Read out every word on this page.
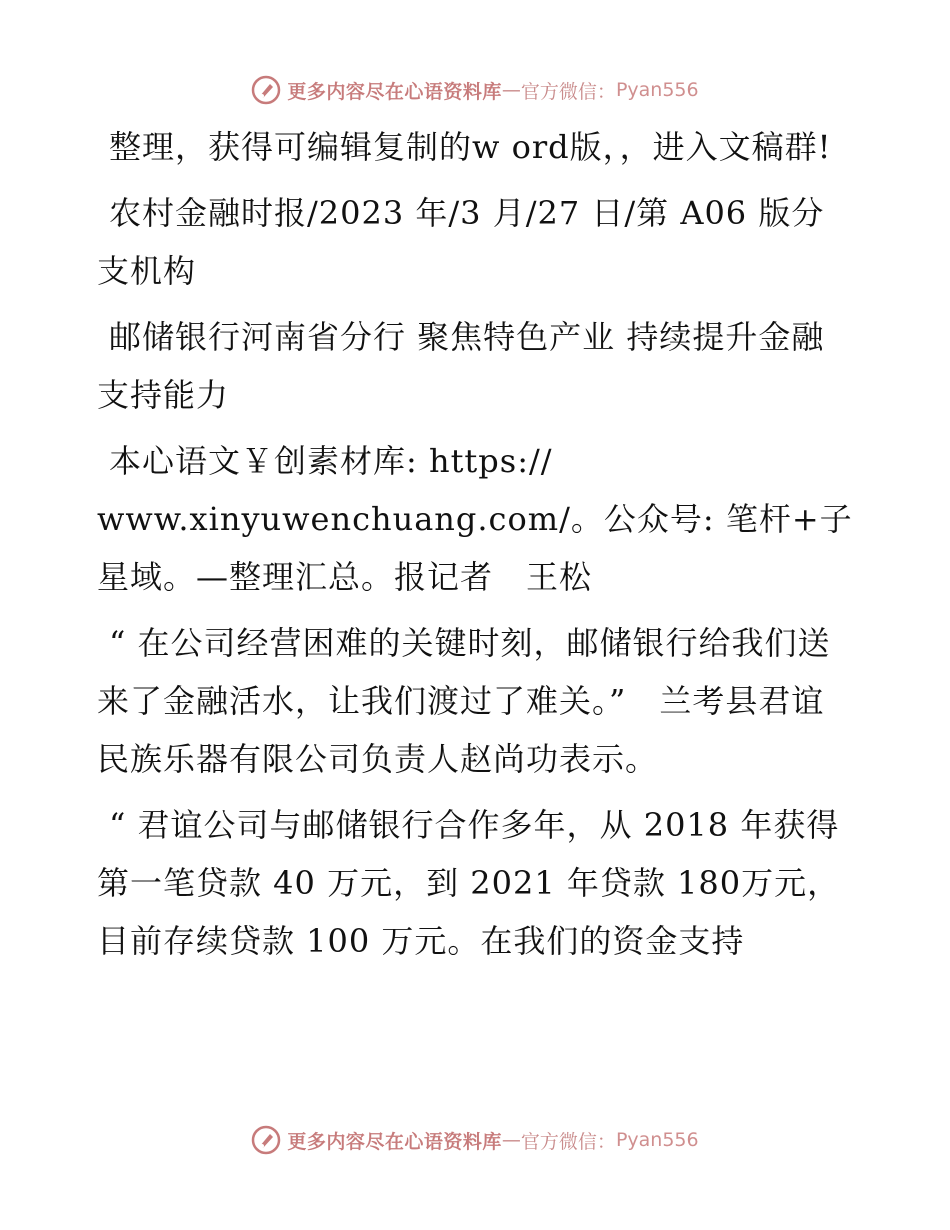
更多内容尽在心语资料库 — 官方微信： Pyan556

整理，获得可编辑复制的w ord版，，进入文稿群!

农村金融时报/2023 年/3 月/27 日/第 A06 版分支机构

邮储银行河南省分行 聚焦特色产业 持续提升金融支持能力

本心语文￥创素材库: https://

www.xinyuwenchuang.com/。公众号: 笔杆+子星域。—整理汇总。报记者　王松

“ 在公司经营困难的关键时刻，邮储银行给我们送来了金融活水，让我们渡过了难关。”　兰考县君谊民族乐器有限公司负责人赵尚功表示。

“ 君谊公司与邮储银行合作多年，从 2018 年获得第一笔贷款 40 万元，到 2021 年贷款 180万元，目前存续贷款 100 万元。在我们的资金支持

更多内容尽在心语资料库 — 官方微信： Pyan556
